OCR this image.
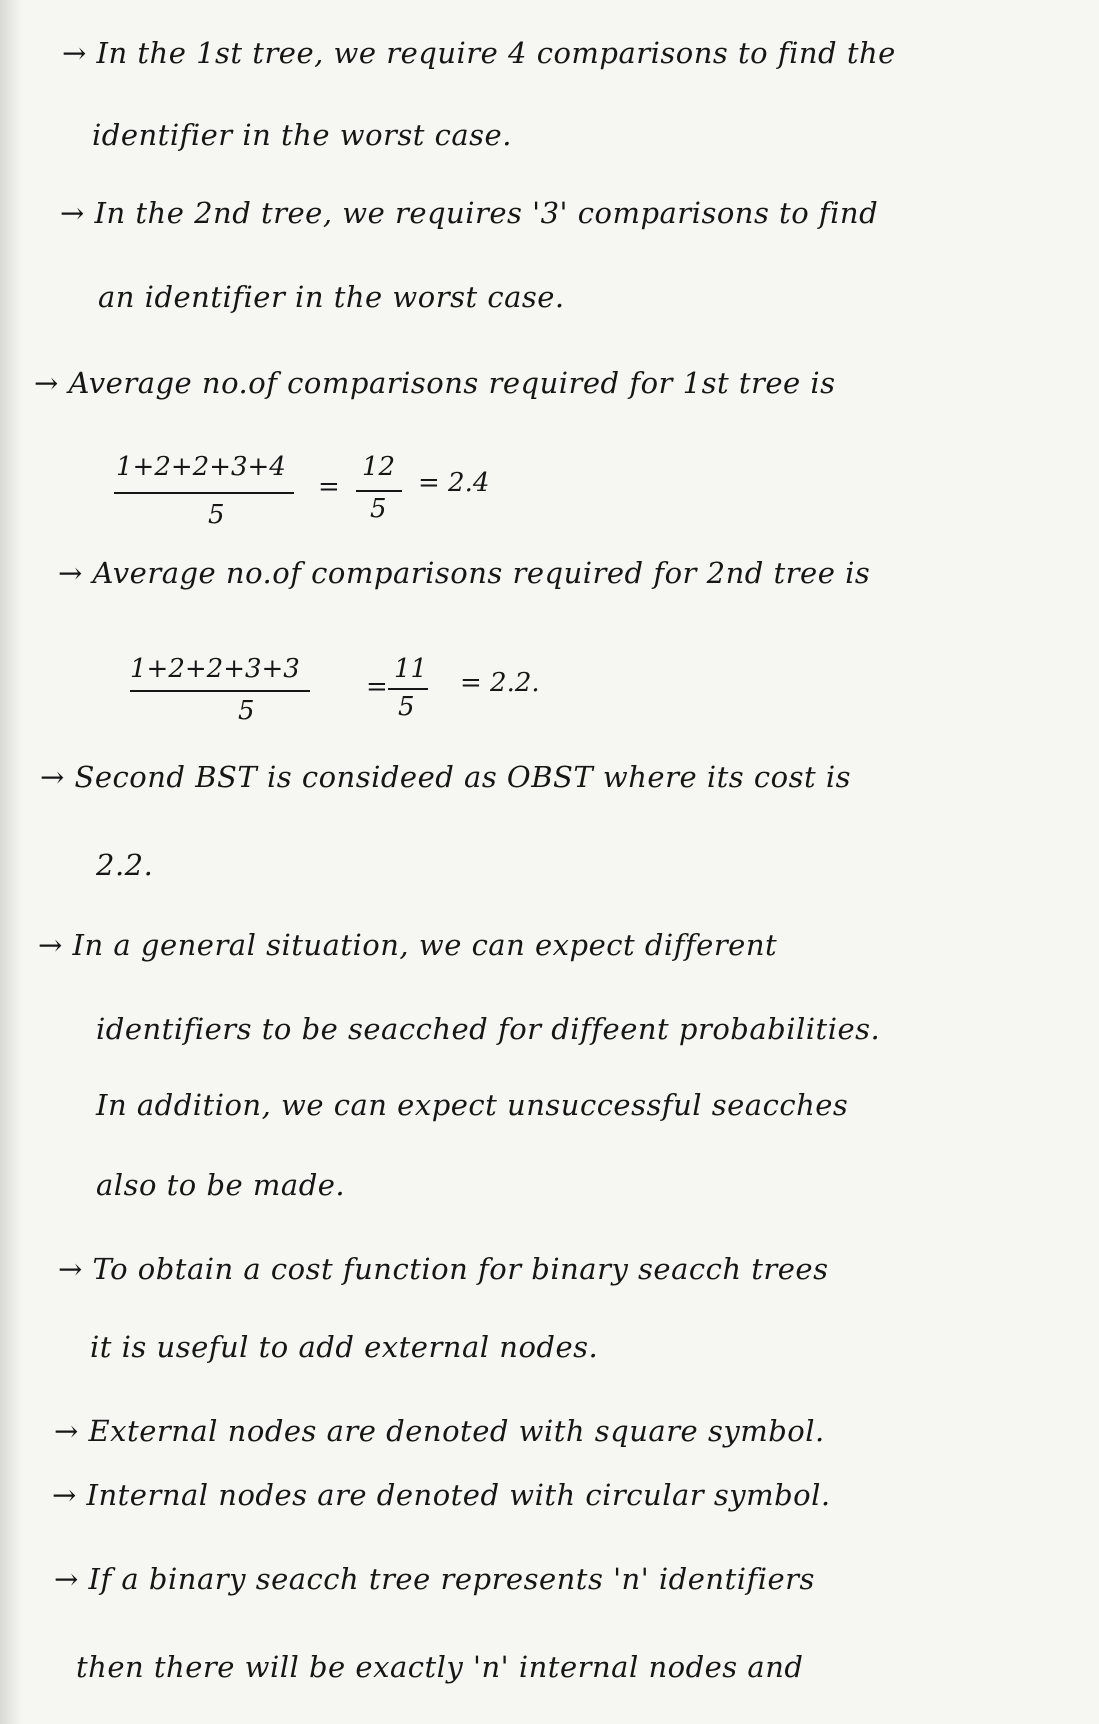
→ In the 1st tree, we require 4 comparisons to find the
identifier in the worst case.
→ In the 2nd tree, we requires '3' comparisons to find
an identifier in the worst case.
→ Average no.of comparisons required for 1st tree is
1+2+2+3+4
5
=
12
5
= 2.4
→ Average no.of comparisons required for 2nd tree is
1+2+2+3+3
5
=
11
5
= 2.2.
→ Second BST is consideed as OBST where its cost is
2.2.
→ In a general situation, we can expect different
identifiers to be seacched for diffeent probabilities.
In addition, we can expect unsuccessful seacches
also to be made.
→ To obtain a cost function for binary seacch trees
it is useful to add external nodes.
→ External nodes are denoted with square symbol.
→ Internal nodes are denoted with circular symbol.
→ If a binary seacch tree represents 'n' identifiers
then there will be exactly 'n' internal nodes and
